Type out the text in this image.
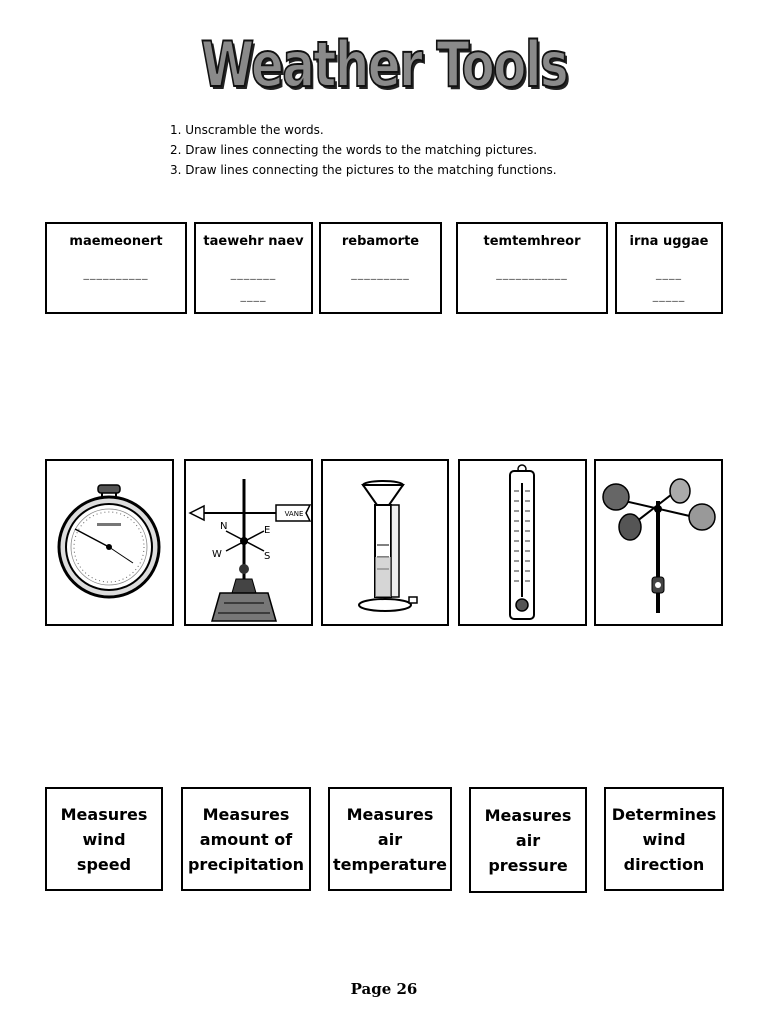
Weather Tools
1. Unscramble the words.
2. Draw lines connecting the words to the matching pictures.
3. Draw lines connecting the pictures to the matching functions.
maemeonert
__________
taewehr naev
_______
____
rebamorte
_________
temtemhreor
___________
irna uggae
____
_____
VANE
N	E
S
W
Measures
wind
speed
Measures
amount of
precipitation
Measures
air
temperature
Measures
air
pressure
Determines
wind
direction
Page 26
